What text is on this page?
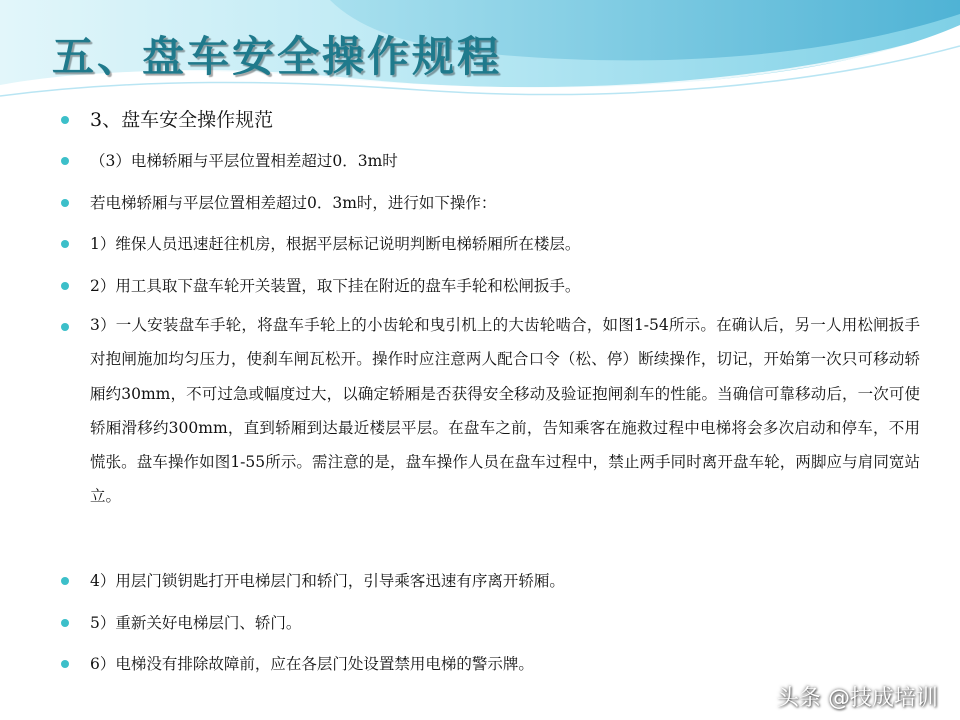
五、盘车安全操作规程
3、盘车安全操作规范
（3）电梯轿厢与平层位置相差超过0．3m时
若电梯轿厢与平层位置相差超过0．3m时，进行如下操作：
1）维保人员迅速赶往机房，根据平层标记说明判断电梯轿厢所在楼层。
2）用工具取下盘车轮开关装置，取下挂在附近的盘车手轮和松闸扳手。
3）一人安装盘车手轮，将盘车手轮上的小齿轮和曳引机上的大齿轮啮合，如图1-54所示。在确认后，另一人用松闸扳手对抱闸施加均匀压力，使刹车闸瓦松开。操作时应注意两人配合口令（松、停）断续操作，切记，开始第一次只可移动轿厢约30mm，不可过急或幅度过大，以确定轿厢是否获得安全移动及验证抱闸刹车的性能。当确信可靠移动后，一次可使轿厢滑移约300mm，直到轿厢到达最近楼层平层。在盘车之前，告知乘客在施救过程中电梯将会多次启动和停车，不用慌张。盘车操作如图1-55所示。需注意的是，盘车操作人员在盘车过程中，禁止两手同时离开盘车轮，两脚应与肩同宽站立。
4）用层门锁钥匙打开电梯层门和轿门，引导乘客迅速有序离开轿厢。
5）重新关好电梯层门、轿门。
6）电梯没有排除故障前，应在各层门处设置禁用电梯的警示牌。
头条 @技成培训
